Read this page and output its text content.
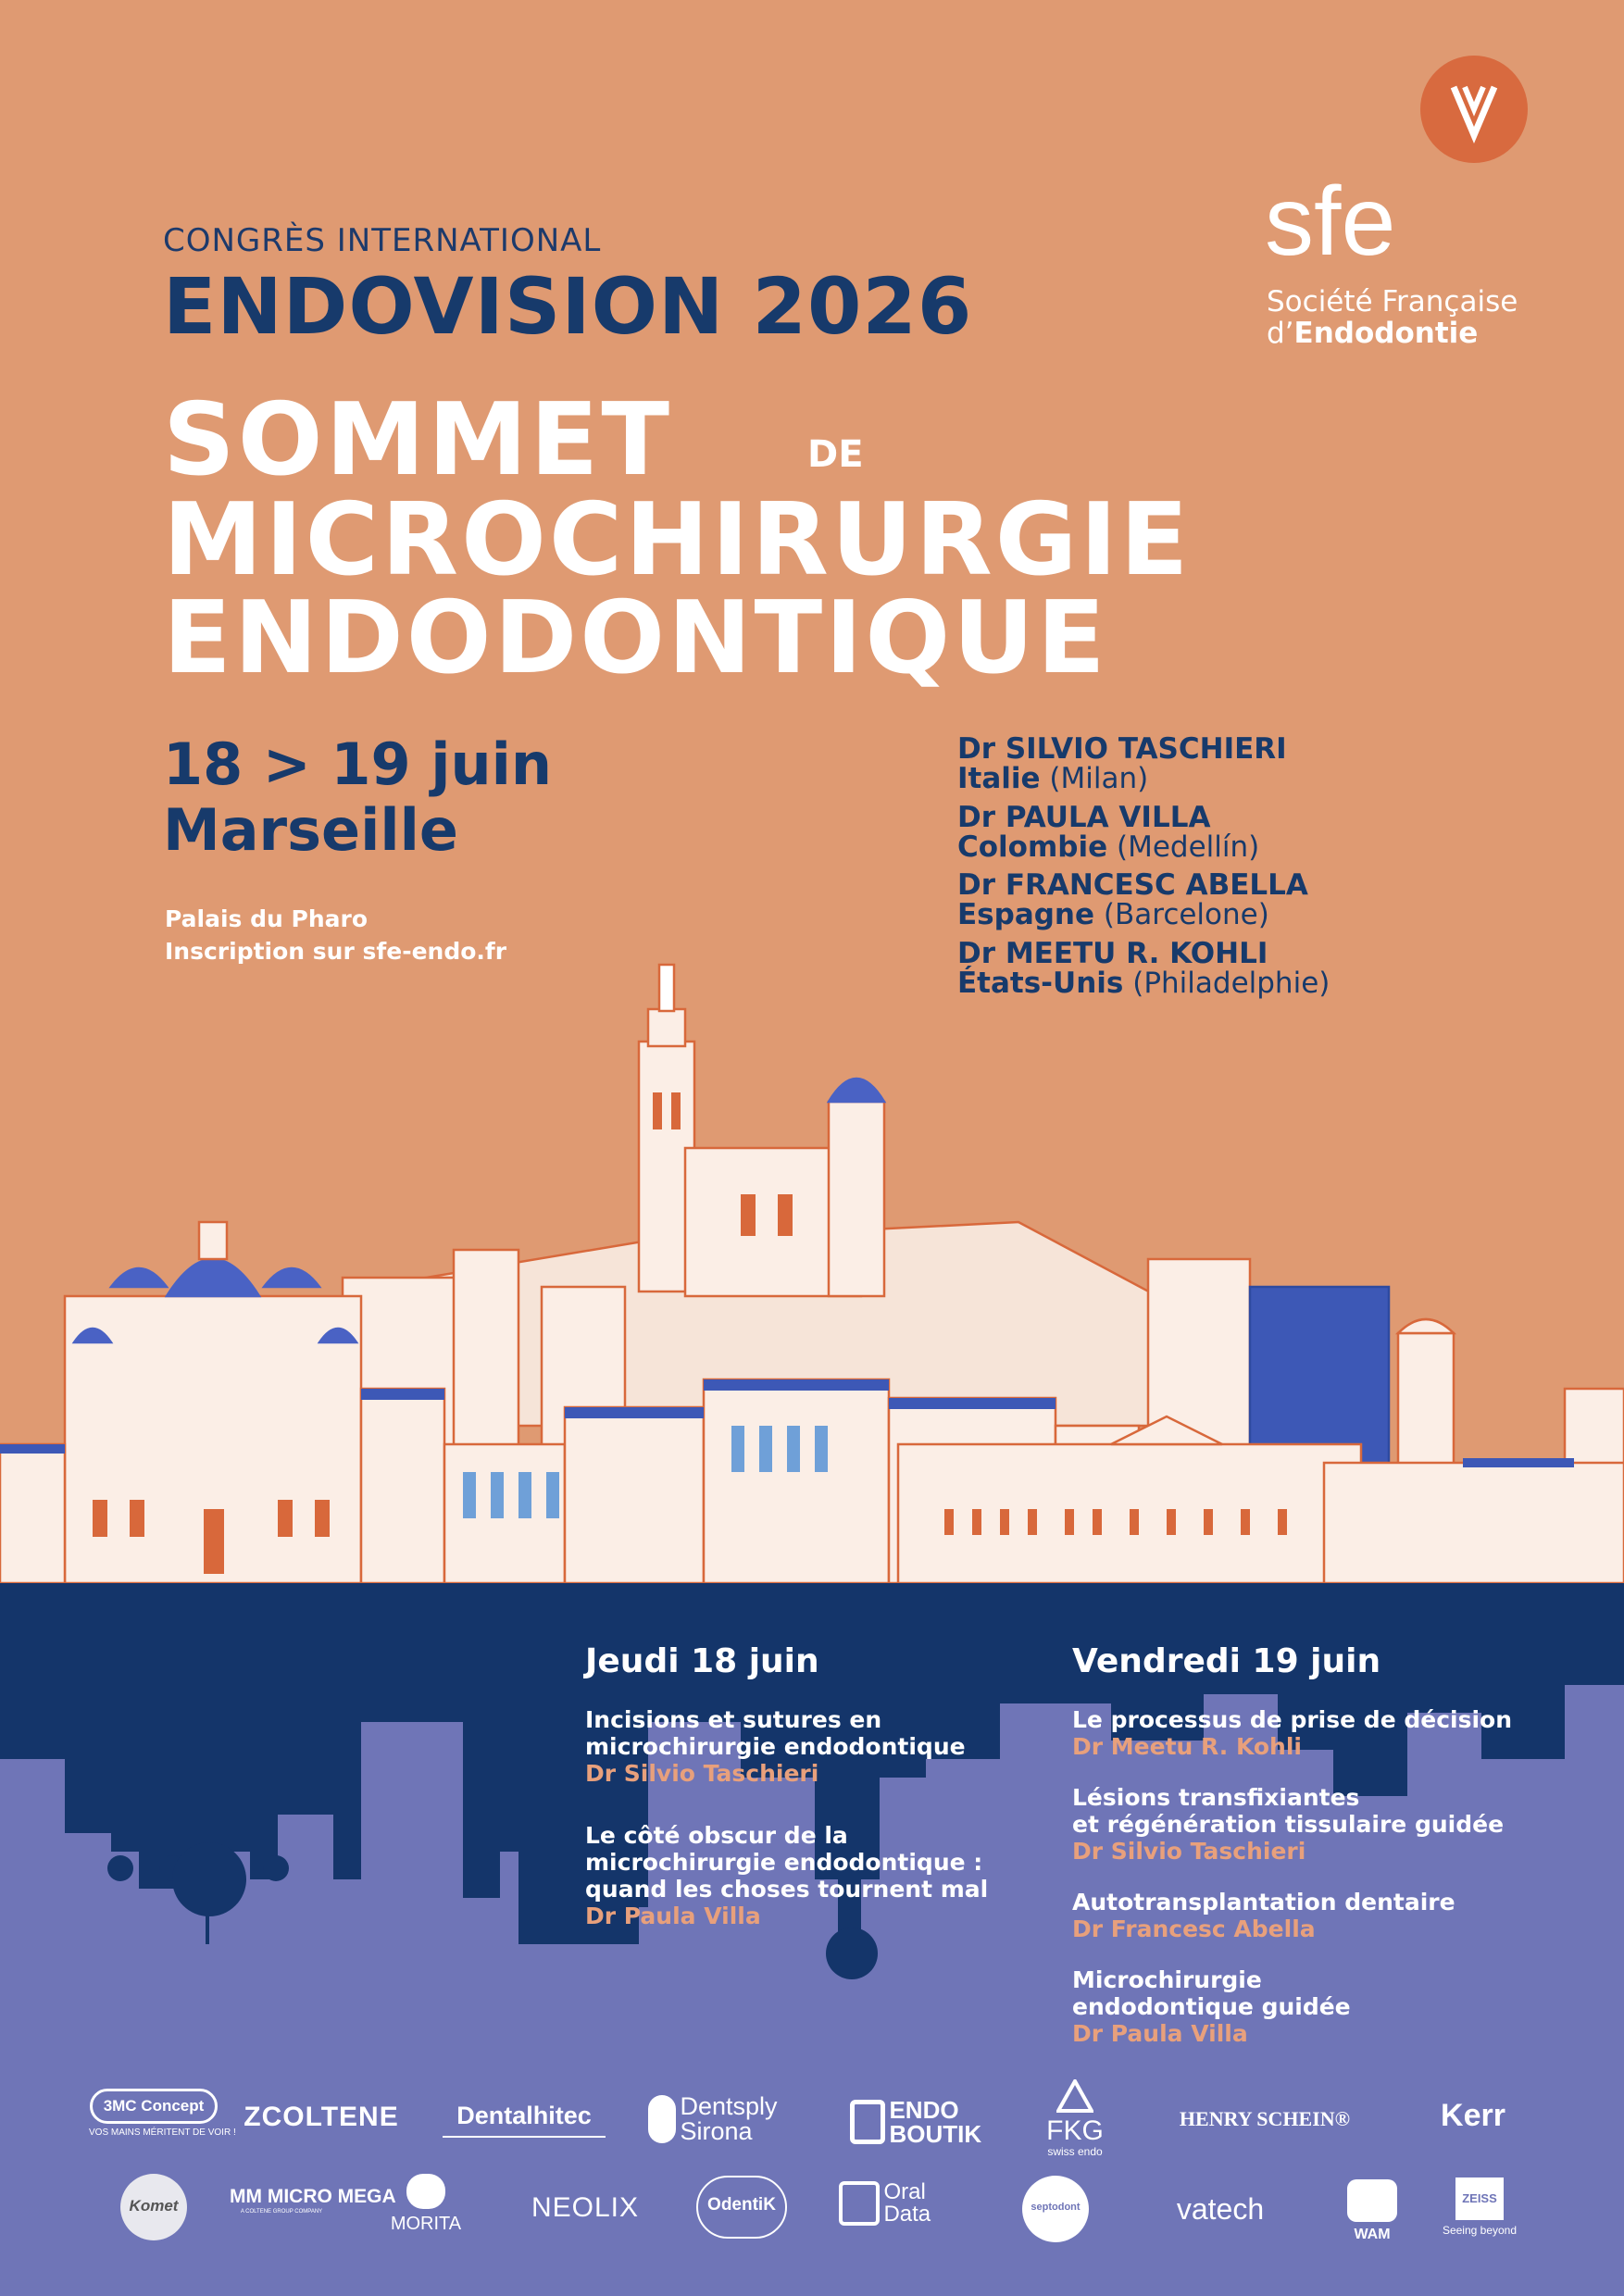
sfe
Société Française
d’Endodontie
CONGRÈS INTERNATIONAL
ENDOVISION 2026
SOMMET	DE
MICROCHIRURGIE
ENDODONTIQUE
18 > 19 juin
Marseille
Palais du Pharo
Inscription sur sfe-endo.fr
Dr SILVIO TASCHIERI
Italie (Milan)
Dr PAULA VILLA
Colombie (Medellín)
Dr FRANCESC ABELLA
Espagne (Barcelone)
Dr MEETU R. KOHLI
États-Unis (Philadelphie)
Jeudi 18 juin
Incisions et sutures en
microchirurgie endodontique
Dr Silvio Taschieri
Le côté obscur de la
microchirurgie endodontique :
quand les choses tournent mal
Dr Paula Villa
Vendredi 19 juin
Le processus de prise de décision
Dr Meetu R. Kohli
Lésions transfixiantes
et régénération tissulaire guidée
Dr Silvio Taschieri
Autotransplantation dentaire
Dr Francesc Abella
Microchirurgie
endodontique guidée
Dr Paula Villa
3MC Concept
VOS MAINS MÉRITENT DE VOIR !
ZCOLTENE	Dentalhitec	Dentsply Sirona
ENDO BOUTIK	FKG
swiss endo
HENRY SCHEIN®	Kerr
Komet	MM MICRO MEGA
A COLTENE GROUP COMPANY
MORITA
NEOLIX	OdentiK
Oral Data	septodont	vatech
WAM
ZEISS
Seeing beyond
